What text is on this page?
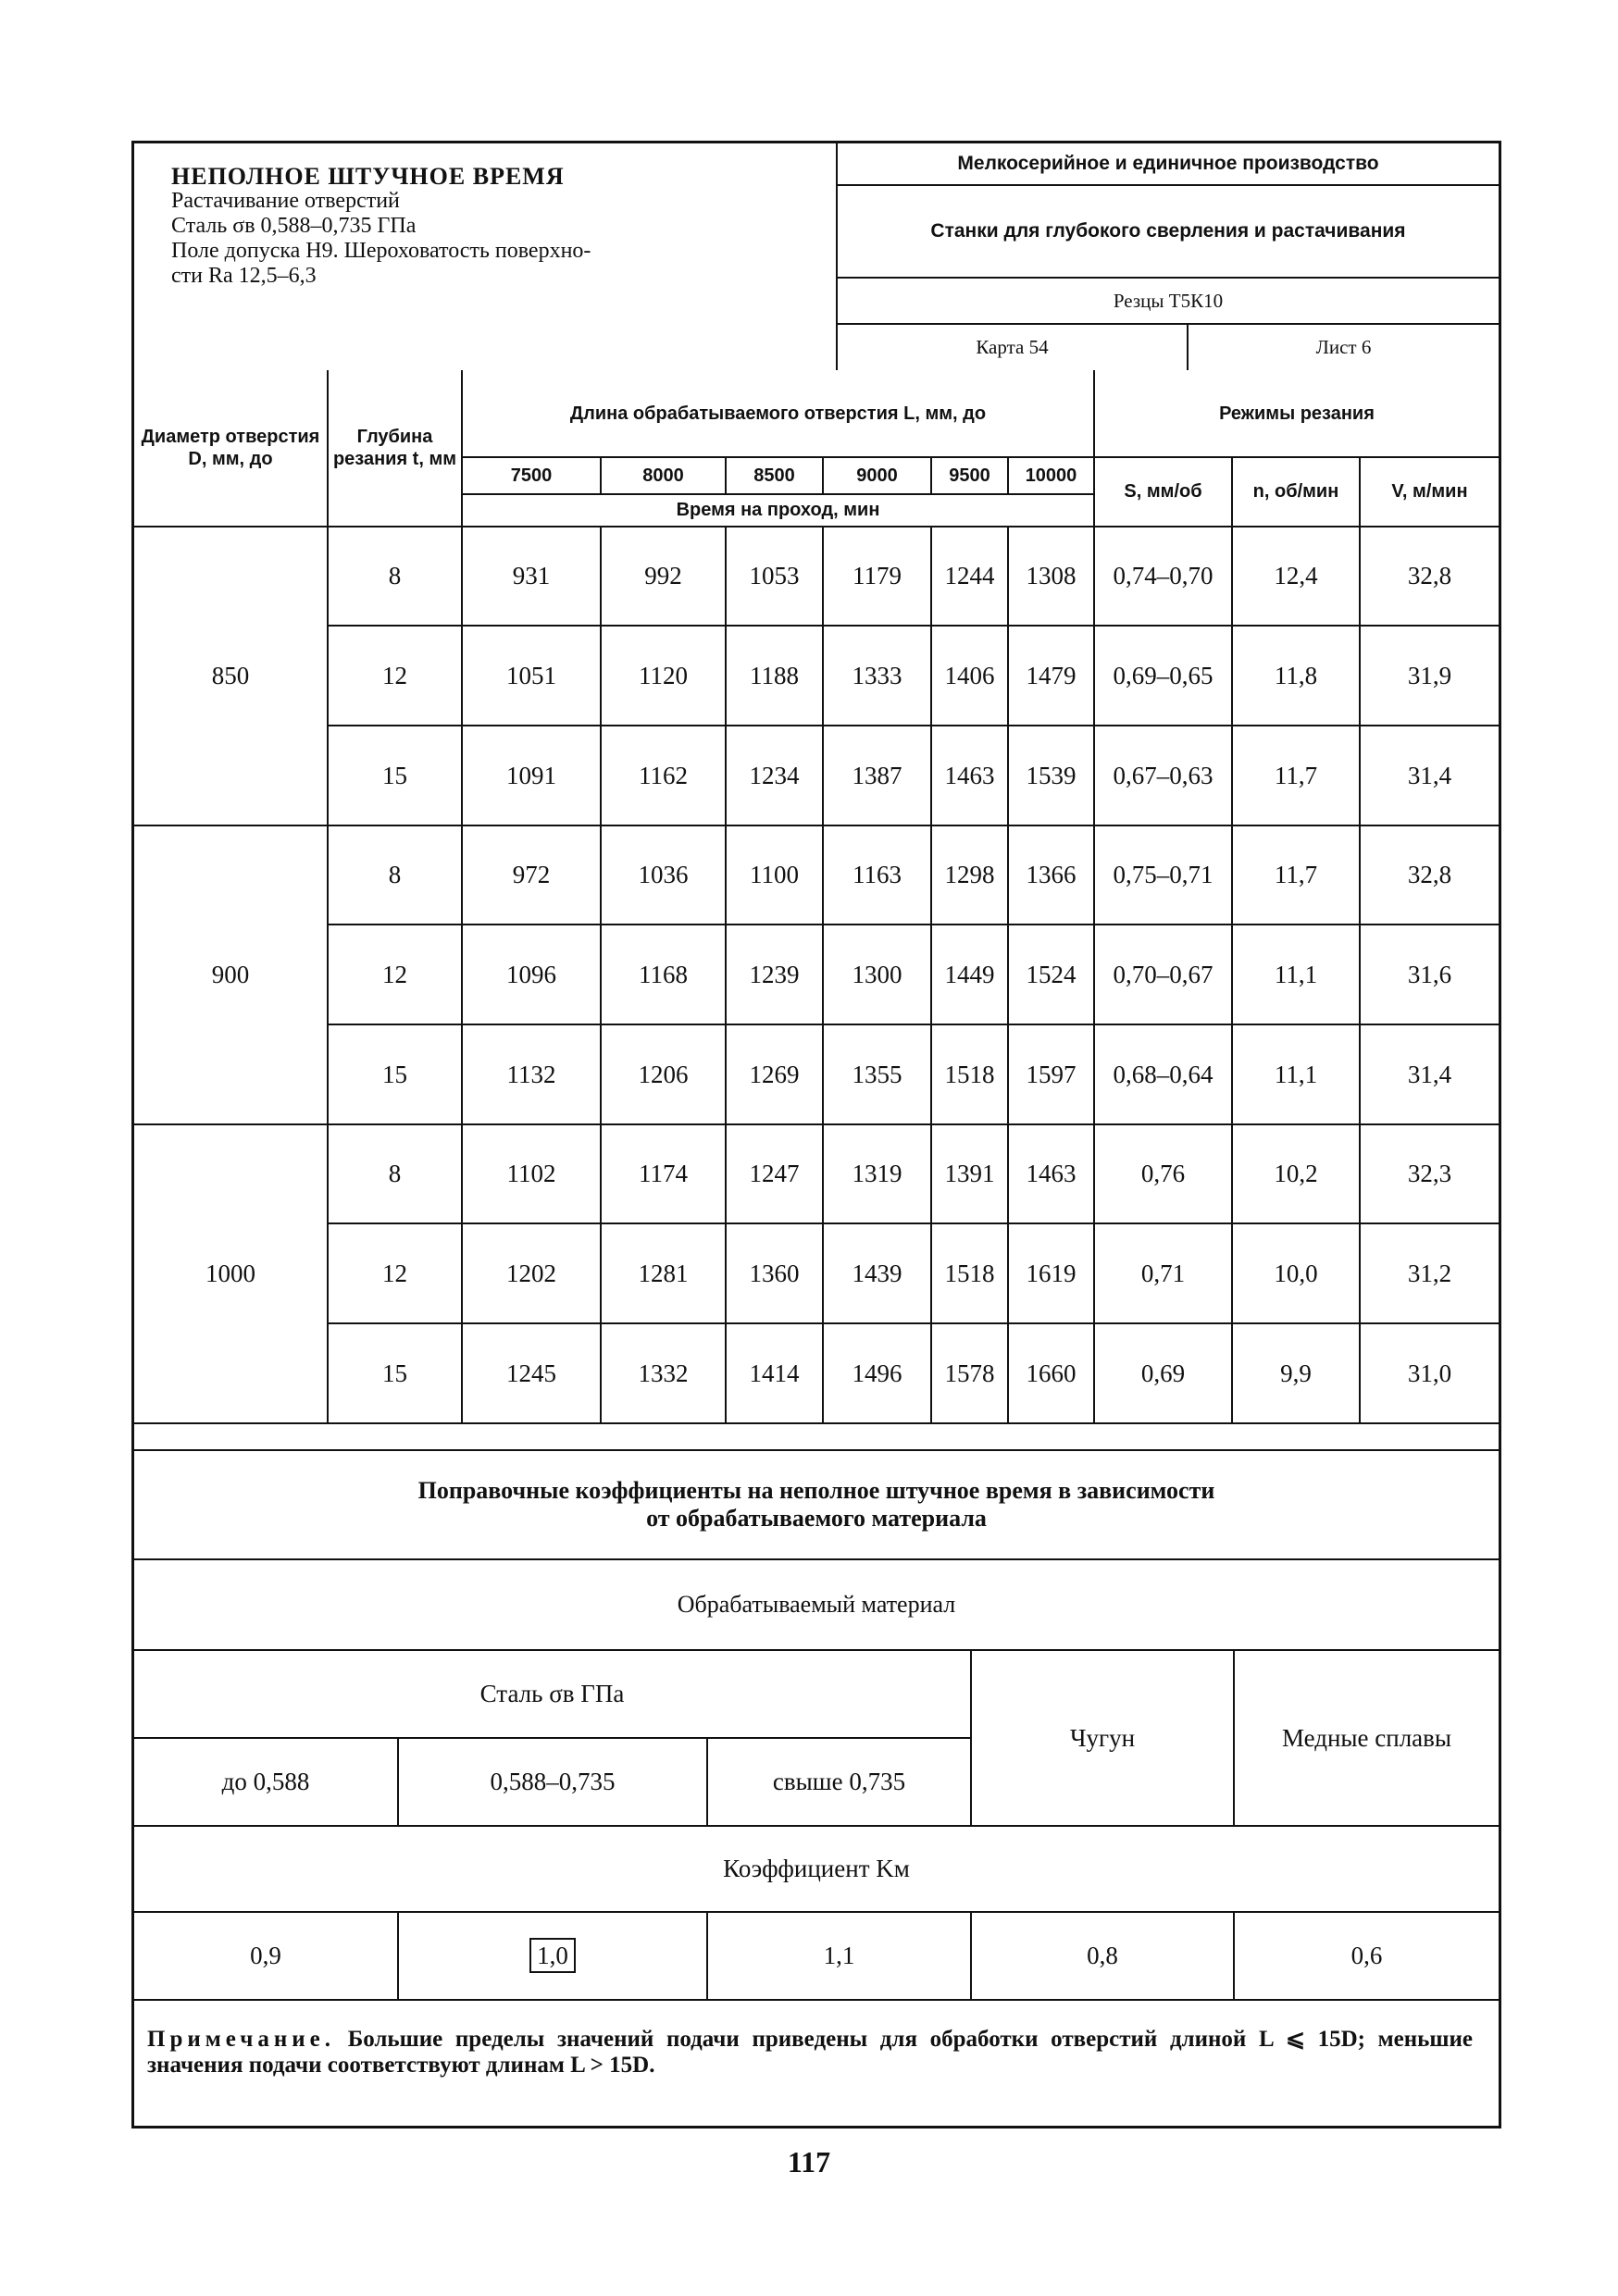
НЕПОЛНОЕ ШТУЧНОЕ ВРЕМЯ
Растачивание отверстий
Сталь σв 0,588–0,735 ГПа
Поле допуска Н9. Шероховатость поверхно-
сти Ra 12,5–6,3
Мелкосерийное и единичное производство
Станки для глубокого сверления и растачивания
Резцы Т5К10
Карта 54	Лист 6
Диаметр отверстия D, мм, до	Глубина резания t, мм	Длина обрабатываемого отверстия L, мм, до						Режимы резания		
		7500	8000	8500	9000	9500	10000	S, мм/об	n, об/мин	V, м/мин
		Время на проход, мин								
850	8	931	992	1053	1179	1244	1308	0,74–0,70	12,4	32,8
	12	1051	1120	1188	1333	1406	1479	0,69–0,65	11,8	31,9
	15	1091	1162	1234	1387	1463	1539	0,67–0,63	11,7	31,4
900	8	972	1036	1100	1163	1298	1366	0,75–0,71	11,7	32,8
	12	1096	1168	1239	1300	1449	1524	0,70–0,67	11,1	31,6
	15	1132	1206	1269	1355	1518	1597	0,68–0,64	11,1	31,4
1000	8	1102	1174	1247	1319	1391	1463	0,76	10,2	32,3
	12	1202	1281	1360	1439	1518	1619	0,71	10,0	31,2
	15	1245	1332	1414	1496	1578	1660	0,69	9,9	31,0
Поправочные коэффициенты на неполное штучное время в зависимости
от обрабатываемого материала
Обрабатываемый материал
Сталь σв ГПа			Чугун	Медные сплавы
до 0,588	0,588–0,735	свыше 0,735		
Коэффициент Kм				
0,9	1,0	1,1	0,8	0,6
Примечание. Большие пределы значений подачи приведены для обработки отверстий длиной L ⩽ 15D; меньшие значения подачи соответствуют длинам L > 15D.
117
